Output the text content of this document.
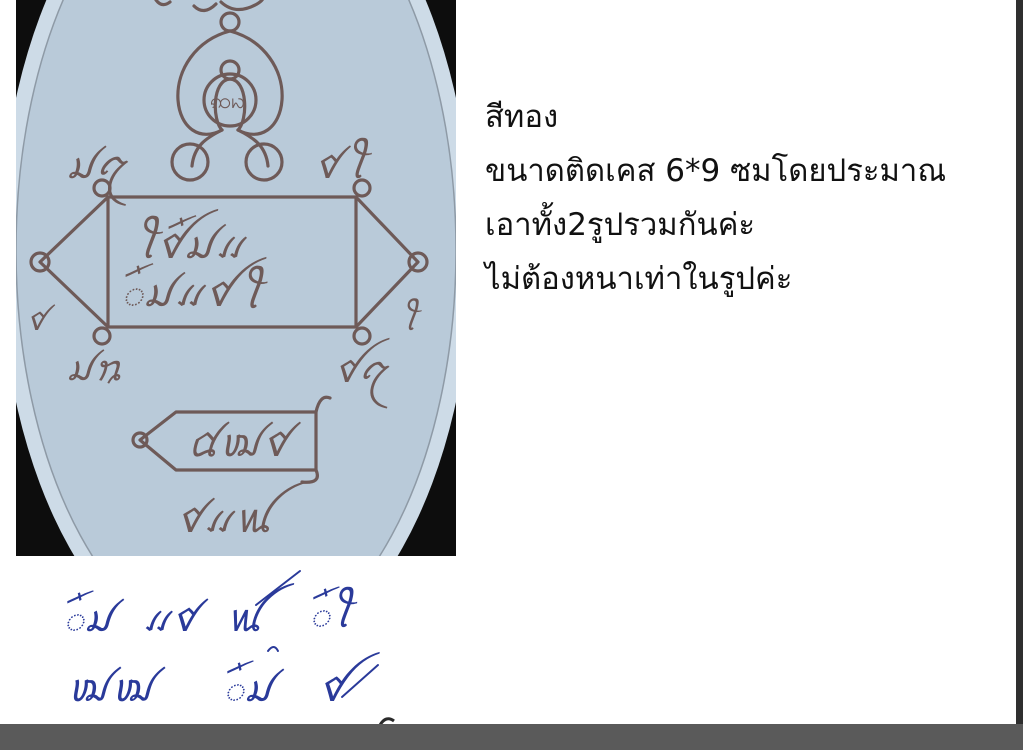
ꩡꩢ
ꪣꪋ	ꪥꪻ
ꪻꪤꪸꪣꪵ
ꪸꪣꪵꪤꪻ
ꪥ	ꪻ
ꪣꪧ	ꪤꪋ
ꪠꪢꪥ
ꪥꪵꪡ
สีทอง
ขนาดติดเคส 6*9 ซมโดยประมาณ
เอาทั้ง2รูปรวมกันค่ะ
ไม่ต้องหนาเท่าในรูปค่ะ
ꪸꪣ ꪵꪥ ꪡ	ꪸꪻ
ꪢꪢ	ꪸꪣ ꪤ
